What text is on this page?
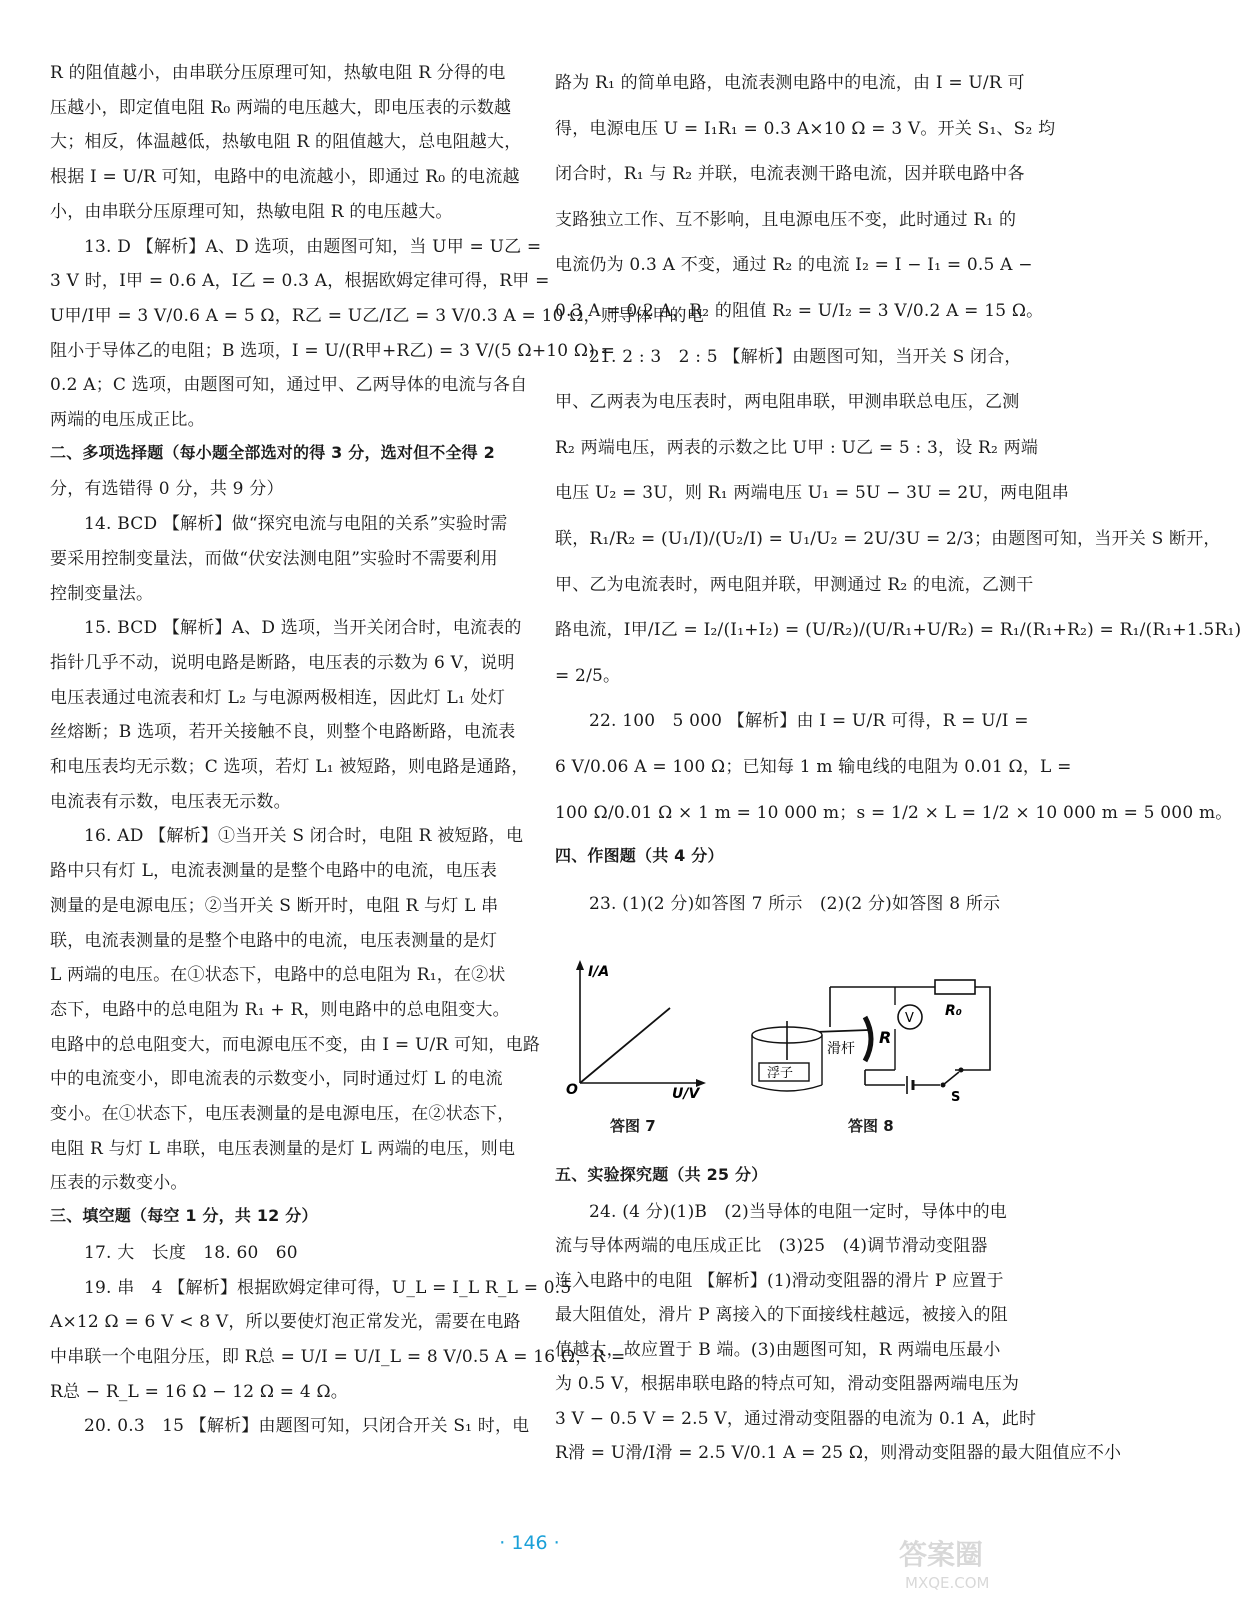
R 的阻值越小，由串联分压原理可知，热敏电阻 R 分得的电
压越小，即定值电阻 R₀ 两端的电压越大，即电压表的示数越
大；相反，体温越低，热敏电阻 R 的阻值越大，总电阻越大，
根据 I = U/R 可知，电路中的电流越小，即通过 R₀ 的电流越
小，由串联分压原理可知，热敏电阻 R 的电压越大。
13. D 【解析】A、D 选项，由题图可知，当 U甲 = U乙 =
3 V 时，I甲 = 0.6 A，I乙 = 0.3 A，根据欧姆定律可得，R甲 =
U甲/I甲 = 3 V/0.6 A = 5 Ω，R乙 = U乙/I乙 = 3 V/0.3 A = 10 Ω，则导体甲的电
阻小于导体乙的电阻；B 选项，I = U/(R甲+R乙) = 3 V/(5 Ω+10 Ω) =
0.2 A；C 选项，由题图可知，通过甲、乙两导体的电流与各自
两端的电压成正比。
二、多项选择题（每小题全部选对的得 3 分，选对但不全得 2
分，有选错得 0 分，共 9 分）
14. BCD 【解析】做“探究电流与电阻的关系”实验时需
要采用控制变量法，而做“伏安法测电阻”实验时不需要利用
控制变量法。
15. BCD 【解析】A、D 选项，当开关闭合时，电流表的
指针几乎不动，说明电路是断路，电压表的示数为 6 V，说明
电压表通过电流表和灯 L₂ 与电源两极相连，因此灯 L₁ 处灯
丝熔断；B 选项，若开关接触不良，则整个电路断路，电流表
和电压表均无示数；C 选项，若灯 L₁ 被短路，则电路是通路，
电流表有示数，电压表无示数。
16. AD 【解析】①当开关 S 闭合时，电阻 R 被短路，电
路中只有灯 L，电流表测量的是整个电路中的电流，电压表
测量的是电源电压；②当开关 S 断开时，电阻 R 与灯 L 串
联，电流表测量的是整个电路中的电流，电压表测量的是灯
L 两端的电压。在①状态下，电路中的总电阻为 R₁，在②状
态下，电路中的总电阻为 R₁ + R，则电路中的总电阻变大。
电路中的总电阻变大，而电源电压不变，由 I = U/R 可知，电路
中的电流变小，即电流表的示数变小，同时通过灯 L 的电流
变小。在①状态下，电压表测量的是电源电压，在②状态下，
电阻 R 与灯 L 串联，电压表测量的是灯 L 两端的电压，则电
压表的示数变小。
三、填空题（每空 1 分，共 12 分）
17. 大　长度　18. 60　60
19. 串　4 【解析】根据欧姆定律可得，U_L = I_L R_L = 0.5
A×12 Ω = 6 V < 8 V，所以要使灯泡正常发光，需要在电路
中串联一个电阻分压，即 R总 = U/I = U/I_L = 8 V/0.5 A = 16 Ω，R =
R总 − R_L = 16 Ω − 12 Ω = 4 Ω。
20. 0.3　15 【解析】由题图可知，只闭合开关 S₁ 时，电
路为 R₁ 的简单电路，电流表测电路中的电流，由 I = U/R 可
得，电源电压 U = I₁R₁ = 0.3 A×10 Ω = 3 V。开关 S₁、S₂ 均
闭合时，R₁ 与 R₂ 并联，电流表测干路电流，因并联电路中各
支路独立工作、互不影响，且电源电压不变，此时通过 R₁ 的
电流仍为 0.3 A 不变，通过 R₂ 的电流 I₂ = I − I₁ = 0.5 A −
0.3 A = 0.2 A，R₂ 的阻值 R₂ = U/I₂ = 3 V/0.2 A = 15 Ω。
21. 2 : 3　2 : 5 【解析】由题图可知，当开关 S 闭合，
甲、乙两表为电压表时，两电阻串联，甲测串联总电压，乙测
R₂ 两端电压，两表的示数之比 U甲 : U乙 = 5 : 3，设 R₂ 两端
电压 U₂ = 3U，则 R₁ 两端电压 U₁ = 5U − 3U = 2U，两电阻串
联，R₁/R₂ = (U₁/I)/(U₂/I) = U₁/U₂ = 2U/3U = 2/3；由题图可知，当开关 S 断开，
甲、乙为电流表时，两电阻并联，甲测通过 R₂ 的电流，乙测干
路电流，I甲/I乙 = I₂/(I₁+I₂) = (U/R₂)/(U/R₁+U/R₂) = R₁/(R₁+R₂) = R₁/(R₁+1.5R₁)
= 2/5。
22. 100　5 000 【解析】由 I = U/R 可得，R = U/I =
6 V/0.06 A = 100 Ω；已知每 1 m 输电线的电阻为 0.01 Ω，L =
100 Ω/0.01 Ω × 1 m = 10 000 m；s = 1/2 × L = 1/2 × 10 000 m = 5 000 m。
四、作图题（共 4 分）
23. (1)(2 分)如答图 7 所示　(2)(2 分)如答图 8 所示
五、实验探究题（共 25 分）
24. (4 分)(1)B　(2)当导体的电阻一定时，导体中的电
流与导体两端的电压成正比　(3)25　(4)调节滑动变阻器
连入电路中的电阻 【解析】(1)滑动变阻器的滑片 P 应置于
最大阻值处，滑片 P 离接入的下面接线柱越远，被接入的阻
值越大，故应置于 B 端。(3)由题图可知，R 两端电压最小
为 0.5 V，根据串联电路的特点可知，滑动变阻器两端电压为
3 V − 0.5 V = 2.5 V，通过滑动变阻器的电流为 0.1 A，此时
R滑 = U滑/I滑 = 2.5 V/0.1 A = 25 Ω，则滑动变阻器的最大阻值应不小
I/A
U/V
O
答图 7
R₀
V
R
滑杆
S
浮子
答图 8
· 146 ·	答案圈
MXQE.COM
